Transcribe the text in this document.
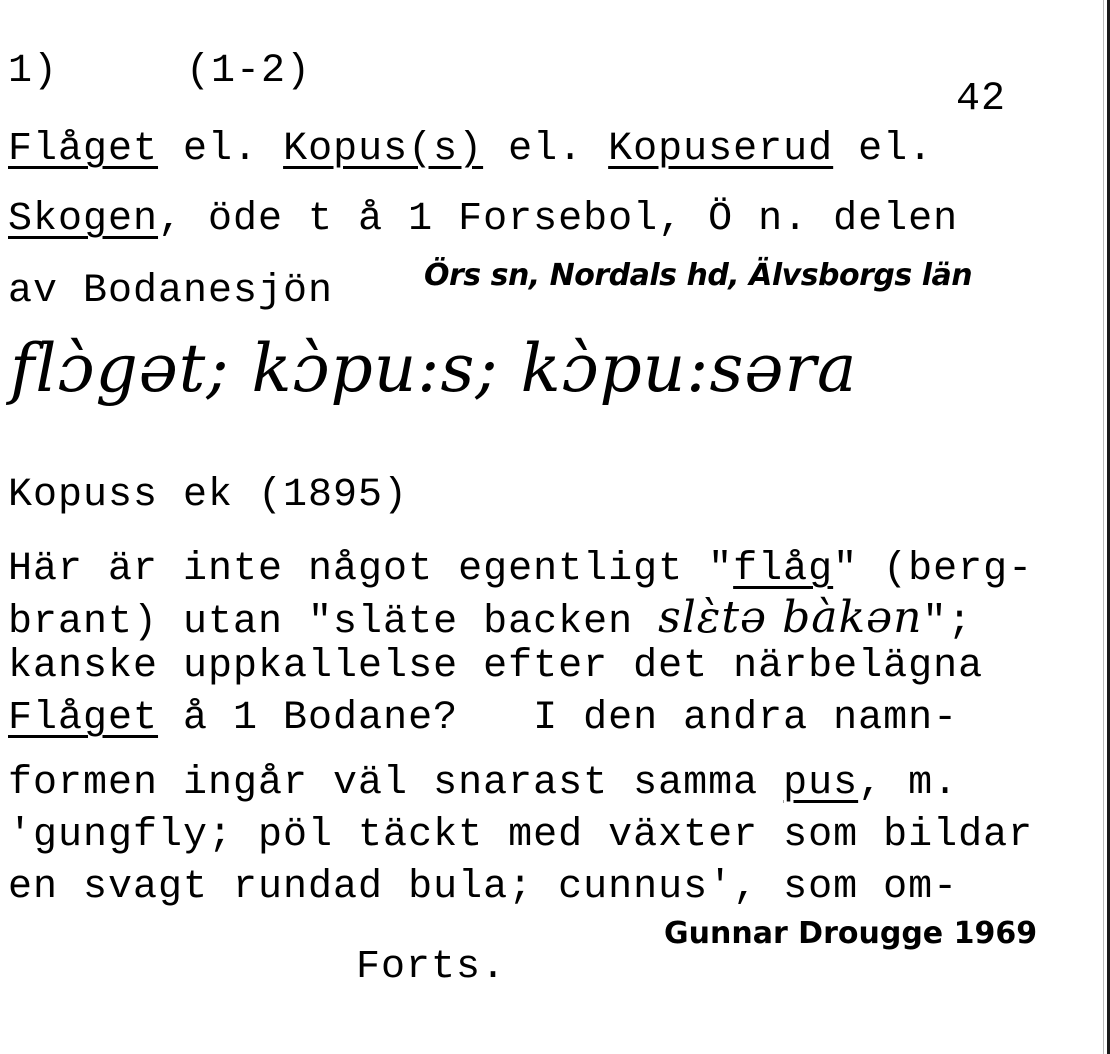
1)	(1-2)
42
Flåget el. Kopus(s) el. Kopuserud el.
Skogen, öde t å 1 Forsebol, Ö n. delen
av Bodanesjön	Örs sn, Nordals hd, Älvsborgs län
flɔ̀gət; kɔ̀pu:s; kɔ̀pu:səra
Kopuss ek (1895)
Här är inte något egentligt "flåg" (berg-
brant) utan "släte backen slɛ̀tə bàkən";
kanske uppkallelse efter det närbelägna
Flåget å 1 Bodane?   I den andra namn-
formen ingår väl snarast samma pus, m.
'gungfly; pöl täckt med växter som bildar
en svagt rundad bula; cunnus', som om-
Gunnar Drougge 1969
Forts.
